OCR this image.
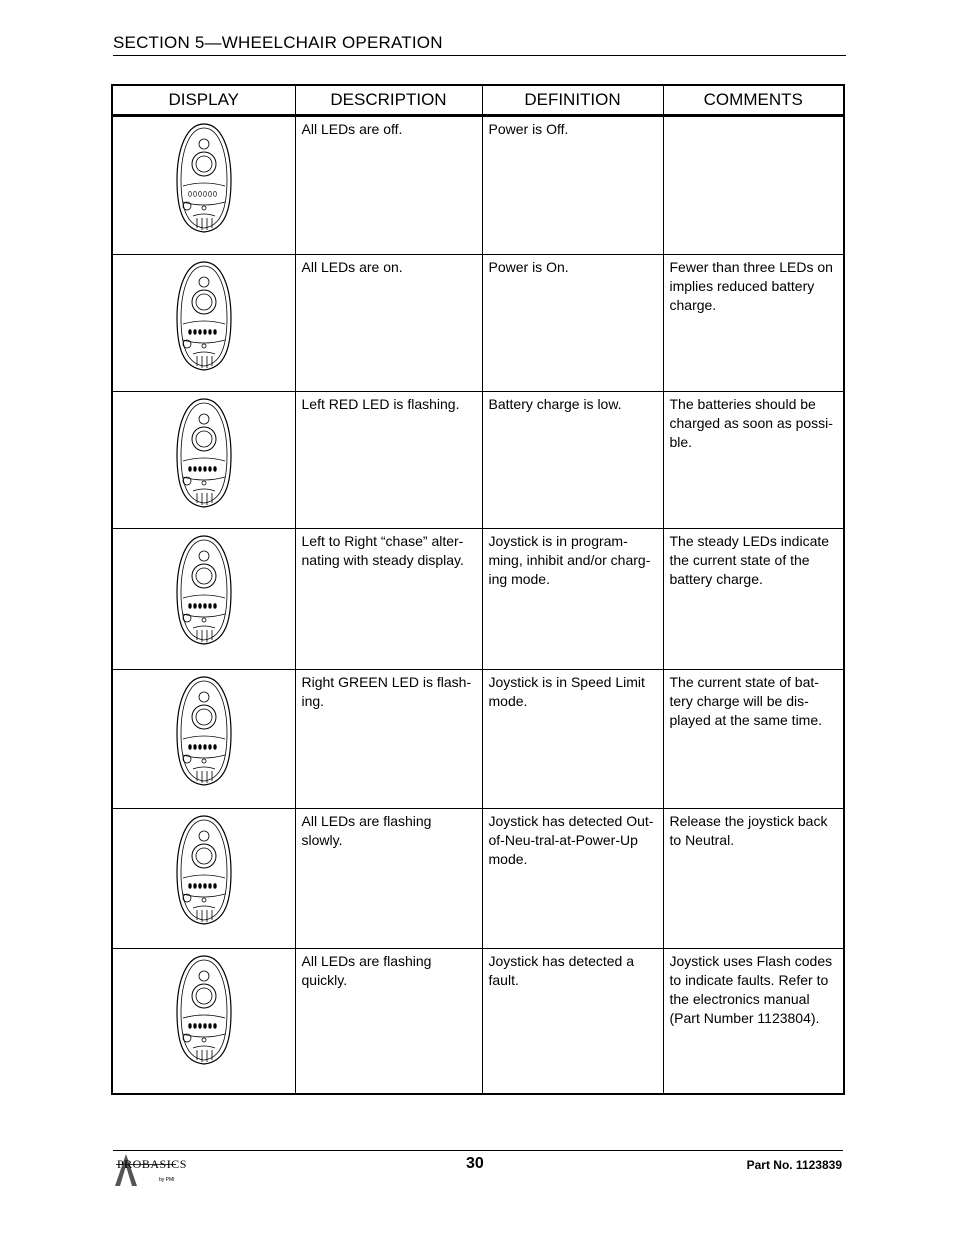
SECTION 5—WHEELCHAIR OPERATION
DISPLAY	DESCRIPTION	DEFINITION	COMMENTS

	All LEDs are off.	Power is Off.	

	All LEDs are on.	Power is On.	Fewer than three LEDs on implies reduced battery charge.

	Left RED LED is flashing.	Battery charge is low.	The batteries should be charged as soon as possi-ble.

	Left to Right “chase” alter-nating with steady display.	Joystick is in program-ming, inhibit and/or charg-ing mode.	The steady LEDs indicate the current state of the battery charge.

	Right GREEN LED is flash-ing.	Joystick is in Speed Limit mode.	The current state of bat-tery charge will be dis-played at the same time.

	All LEDs are flashing slowly.	Joystick has detected Out-of-Neu-tral-at-Power-Up mode.	Release the joystick back to Neutral.

	All LEDs are flashing quickly.	Joystick has detected a fault.	Joystick uses Flash codes to indicate faults. Refer to the electronics manual (Part Number 1123804).
PROBASICS
by PMI
30	Part No. 1123839
